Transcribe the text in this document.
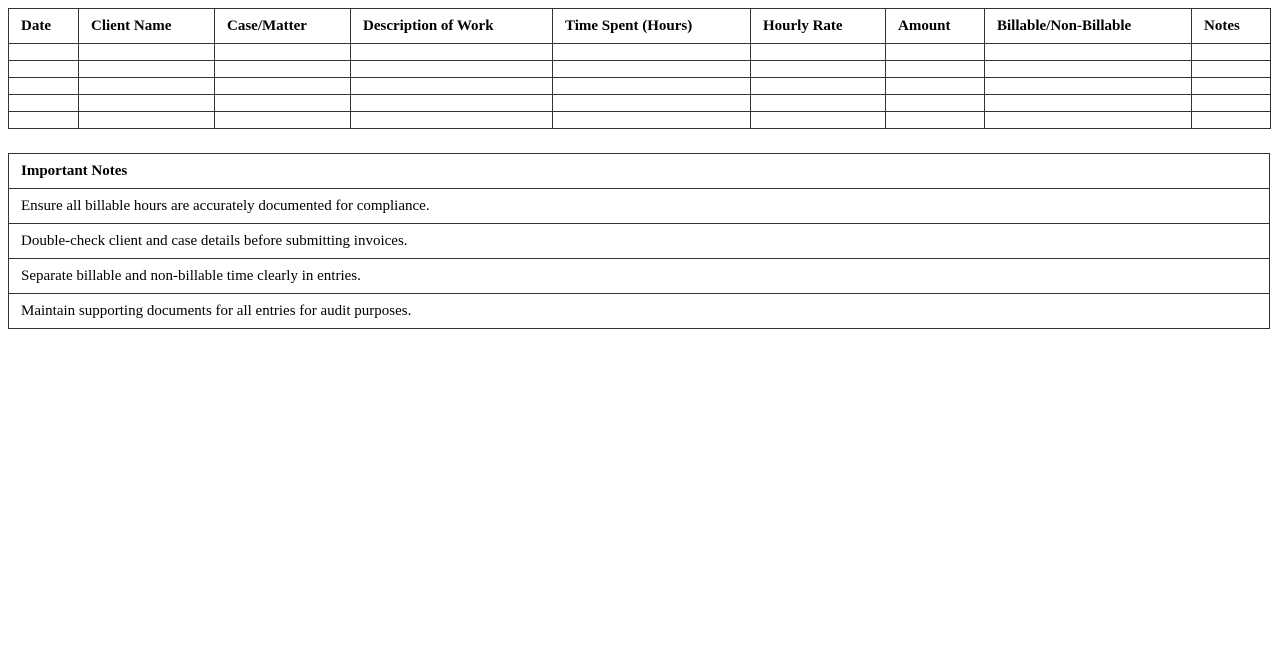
Date	Client Name	Case/Matter	Description of Work	Time Spent (Hours)	Hourly Rate	Amount	Billable/Non-Billable	Notes

Important Notes
Ensure all billable hours are accurately documented for compliance.
Double-check client and case details before submitting invoices.
Separate billable and non-billable time clearly in entries.
Maintain supporting documents for all entries for audit purposes.
